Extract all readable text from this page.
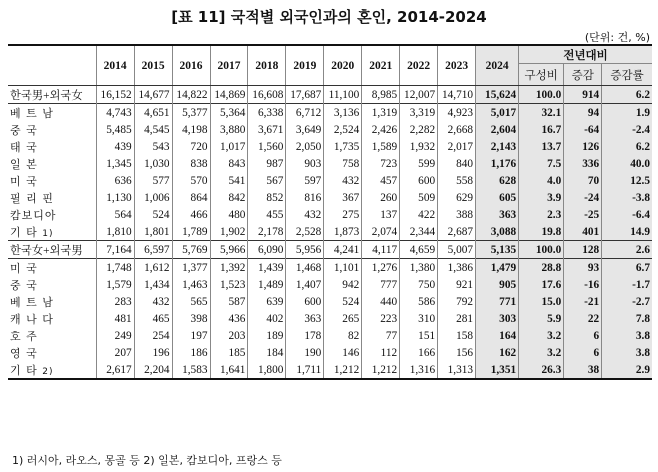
[표 11] 국적별 외국인과의 혼인, 2014-2024
(단위: 건, %)
	2014	2015	2016	2017	2018	2019	2020	2021	2022	2023	2024	전년대비		
												구성비	증감	증감률
한국男+외국女	16,152	14,677	14,822	14,869	16,608	17,687	11,100	8,985	12,007	14,710	15,624	100.0	914	6.2
베 트 남	4,743	4,651	5,377	5,364	6,338	6,712	3,136	1,319	3,319	4,923	5,017	32.1	94	1.9
중 국	5,485	4,545	4,198	3,880	3,671	3,649	2,524	2,426	2,282	2,668	2,604	16.7	-64	-2.4
태 국	439	543	720	1,017	1,560	2,050	1,735	1,589	1,932	2,017	2,143	13.7	126	6.2
일 본	1,345	1,030	838	843	987	903	758	723	599	840	1,176	7.5	336	40.0
미 국	636	577	570	541	567	597	432	457	600	558	628	4.0	70	12.5
필 리 핀	1,130	1,006	864	842	852	816	367	260	509	629	605	3.9	-24	-3.8
캄보디아	564	524	466	480	455	432	275	137	422	388	363	2.3	-25	-6.4
기 타 1)	1,810	1,801	1,789	1,902	2,178	2,528	1,873	2,074	2,344	2,687	3,088	19.8	401	14.9
한국女+외국男	7,164	6,597	5,769	5,966	6,090	5,956	4,241	4,117	4,659	5,007	5,135	100.0	128	2.6
미 국	1,748	1,612	1,377	1,392	1,439	1,468	1,101	1,276	1,380	1,386	1,479	28.8	93	6.7
중 국	1,579	1,434	1,463	1,523	1,489	1,407	942	777	750	921	905	17.6	-16	-1.7
베 트 남	283	432	565	587	639	600	524	440	586	792	771	15.0	-21	-2.7
캐 나 다	481	465	398	436	402	363	265	223	310	281	303	5.9	22	7.8
호 주	249	254	197	203	189	178	82	77	151	158	164	3.2	6	3.8
영 국	207	196	186	185	184	190	146	112	166	156	162	3.2	6	3.8
기 타 2)	2,617	2,204	1,583	1,641	1,800	1,711	1,212	1,212	1,316	1,313	1,351	26.3	38	2.9
1) 러시아, 라오스, 몽골 등 2) 일본, 캄보디아, 프랑스 등
